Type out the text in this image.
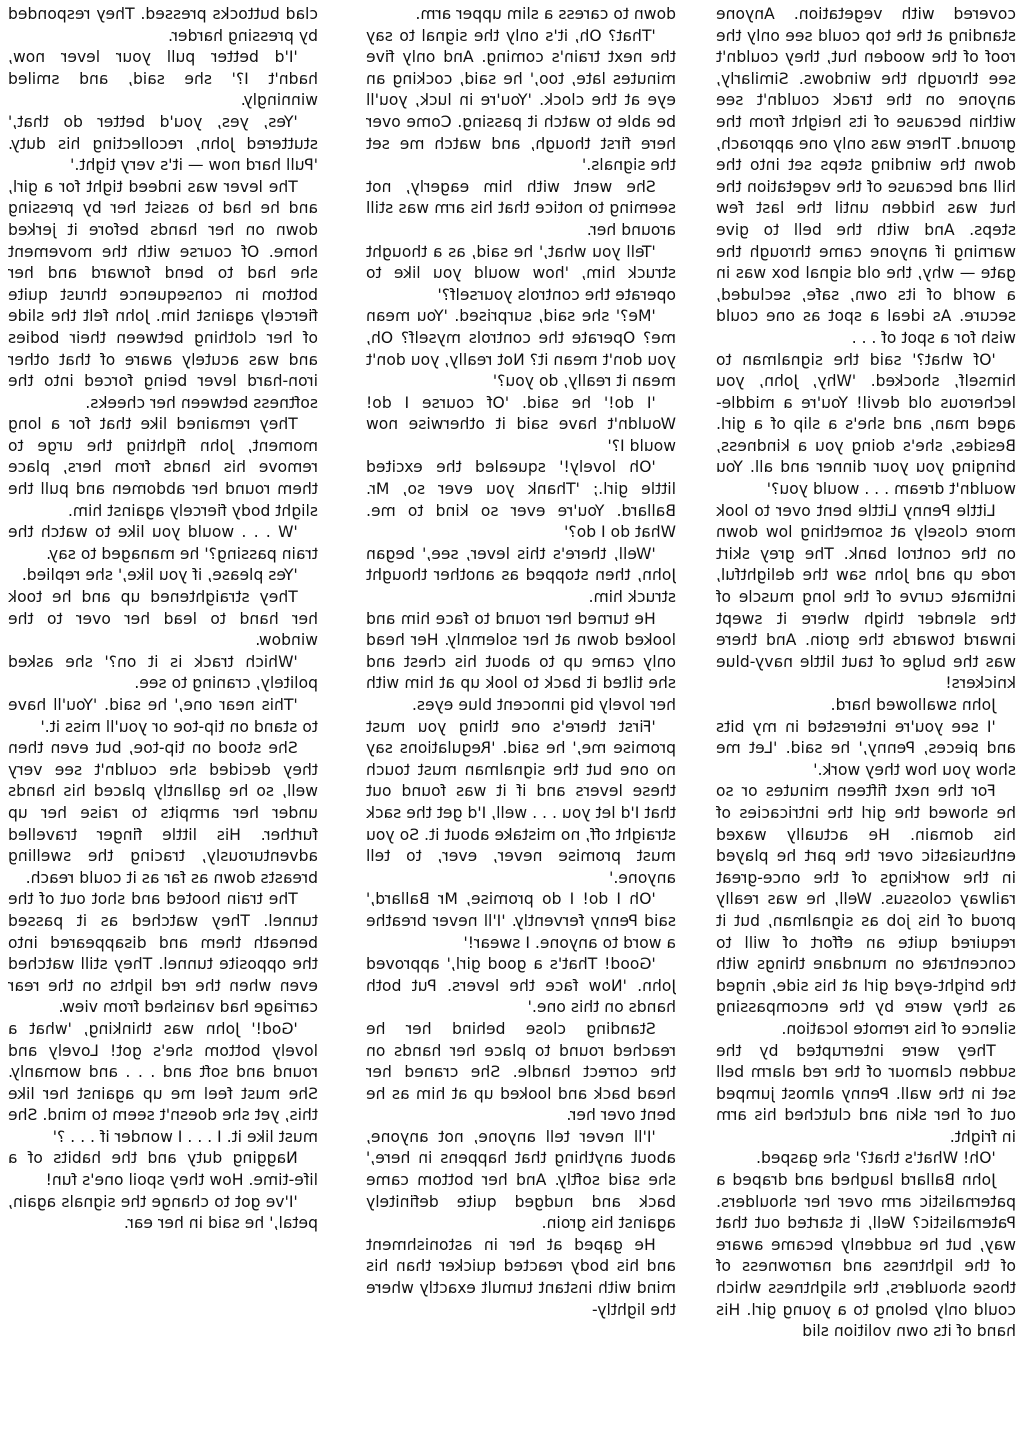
clad buttocks pressed. They responded by pressing harder.

'I'd better pull your lever now, hadn't I?' she said, and smiled winningly.

'Yes, yes, you'd better do that,' stuttered John, recollecting his duty. 'Pull hard now — it's very tight.'

The lever was indeed tight for a girl, and he had to assist her by pressing down on her hands before it jerked home. Of course with the movement she had to bend forward and her bottom in consequence thrust quite fiercely against him. John felt the slide of her clothing between their bodies and was acutely aware of that other iron-hard lever being forced into the softness between her cheeks.

They remained like that for a long moment, John fighting the urge to remove his hands from hers, place them round her abdomen and pull the slight body fiercely against him.

'W . . . would you like to watch the train passing?' he managed to say.

'Yes please, if you like,' she replied.

They straightened up and he took her hand to lead her over to the window.

'Which track is it on?' she asked politely, craning to see.

'This near one,' he said. 'You'll have to stand on tip-toe or you'll miss it.'

She stood on tip-toe, but even then they decided she couldn't see very well, so he gallantly placed his hands under her armpits to raise her up further. His little finger travelled adventurously, tracing the swelling breasts down as far as it could reach.

The train hooted and shot out of the tunnel. They watched as it passed beneath them and disappeared into the opposite tunnel. They still watched even when the red lights on the rear carriage had vanished from view.

'God!' John was thinking, 'what a lovely bottom she's got! Lovely and round and soft and . . . and womanly. She must feel me up against her like this, yet she doesn't seem to mind. She must like it. I . . . I wonder if . . . ?'

Nagging duty and the habits of a life-time. How they spoil one's fun!

'I've got to change the signals again, petal,' he said in her ear.

down to caress a slim upper arm.

'That? Oh, it's only the signal to say the next train's coming. And only five minutes late, too,' he said, cocking an eye at the clock. 'You're in luck, you'll be able to watch it passing. Come over here first though, and watch me set the signals.'

She went with him eagerly, not seeming to notice that his arm was still around her.

'Tell you what,' he said, as a thought struck him, 'how would you like to operate the controls yourself?'

'Me?' she said, surprised. 'You mean me? Operate the controls myself? Oh, you don't mean it? Not really, you don't mean it really, do you?'

'I do!' he said. 'Of course I do! Wouldn't have said it otherwise now would I?'

'Oh lovely!' squealed the excited little girl.; 'Thank you ever so, Mr. Ballard. You're ever so kind to me. What do I do?'

'Well, there's this lever, see,' began John, then stopped as another thought struck him.

He turned her round to face him and looked down at her solemnly. Her head only came up to about his chest and she tilted it back to look up at him with her lovely big innocent blue eyes.

'First there's one thing you must promise me,' he said. 'Regulations say no one but the signalman must touch these levers and if it was found out that I'd let you . . . well, I'd get the sack straight off, no mistake about it. So you must promise never, ever, to tell anyone.'

'Oh I do! I do promise, Mr Ballard,' said Penny fervently. 'I'll never breathe a word to anyone. I swear!'

'Good! That's a good girl,' approved John. 'Now face the levers. Put both hands on this one.'

Standing close behind her he reached round to place her hands on the correct handle. She craned her head back and looked up at him as he bent over her.

'I'll never tell anyone, not anyone, about anything that happens in here,' she said softly. And her bottom came back and nudged quite definitely against his groin.

He gaped at her in astonishment and his body reacted quicker than his mind with instant tumult exactly where the lightly-

covered with vegetation. Anyone standing at the top could see only the roof of the wooden hut, they couldn't see through the windows. Similarly, anyone on the track couldn't see within because of its height from the ground. There was only one approach, down the winding steps set into the hill and because of the vegetation the hut was hidden until the last few steps. And with the bell to give warning if anyone came through the gate — why, the old signal box was in a world of its own, safe, secluded, secure. As ideal a spot as one could wish for a spot of . . .

'Of what?' said the signalman to himself, shocked. 'Why, John, you lecherous old devil! You're a middle-aged man, and she's a slip of a girl. Besides, she's doing you a kindness, bringing you your dinner and all. You wouldn't dream . . . would you?'

Little Penny Little bent over to look more closely at something low down on the control bank. The grey skirt rode up and John saw the delightful, intimate curve of the long muscle of the slender thigh where it swept inward towards the groin. And there was the bulge of taut little navy-blue knickers!

John swallowed hard.

'I see you're interested in my bits and pieces, Penny,' he said. 'Let me show you how they work.'

For the next fifteen minutes or so he showed the girl the intricacies of his domain. He actually waxed enthusiastic over the part he played in the workings of the once-great railway colossus. Well, he was really proud of his job as signalman, but it required quite an effort of will to concentrate on mundane things with the bright-eyed girl at his side, ringed as they were by the encompassing silence of his remote location.

They were interrupted by the sudden clamour of the red alarm bell set in the wall. Penny almost jumped out of her skin and clutched his arm in fright.

'Oh! What's that?' she gasped.

John Ballard laughed and draped a paternalistic arm over her shoulders. Paternalistic? Well, it started out that way, but he suddenly became aware of the lightness and narrowness of those shoulders, the slightness which could only belong to a young girl. His hand of its own volition slid
